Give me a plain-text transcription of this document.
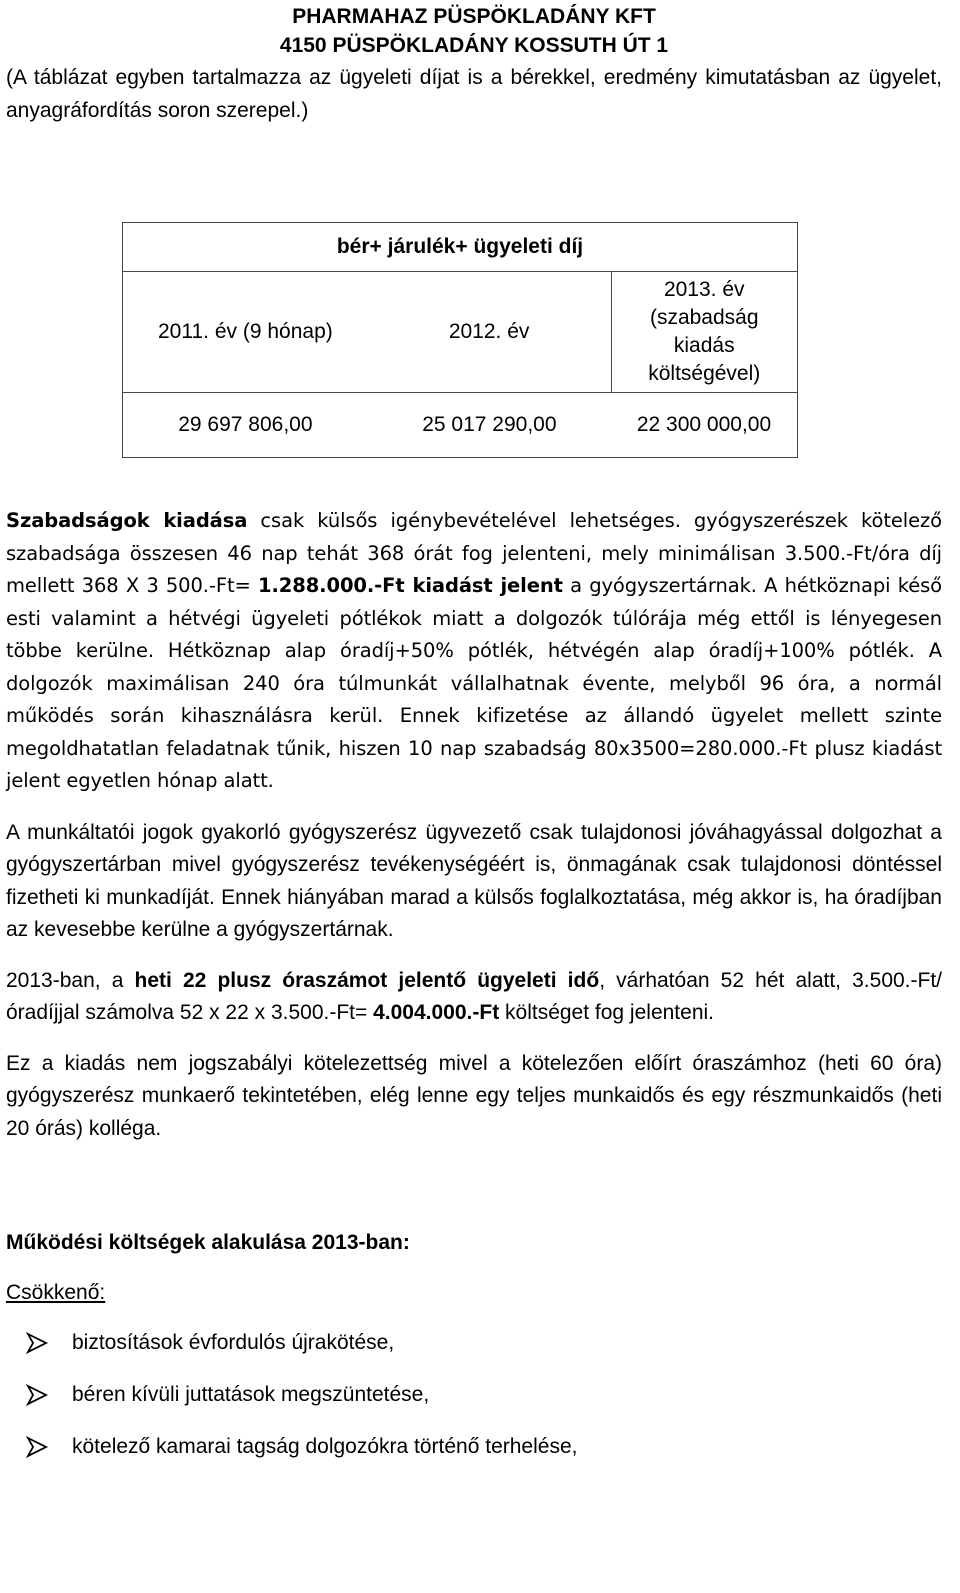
PHARMAHAZ PÜSPÖKLADÁNY KFT
4150 PÜSPÖKLADÁNY KOSSUTH ÚT 1

(A táblázat egyben tartalmazza az ügyeleti díjat is a bérekkel, eredmény kimutatásban az ügyelet, anyagráfordítás soron szerepel.)

Szabadságok kiadása csak külsős igénybevételével lehetséges. gyógyszerészek kötelező szabadsága összesen 46 nap tehát 368 órát fog jelenteni, mely minimálisan 3.500.-Ft/óra díj mellett 368 X 3 500.-Ft= 1.288.000.-Ft kiadást jelent a gyógyszertárnak. A hétköznapi késő esti valamint a hétvégi ügyeleti pótlékok miatt a dolgozók túlórája még ettől is lényegesen többe kerülne. Hétköznap alap óradíj+50% pótlék, hétvégén alap óradíj+100% pótlék. A dolgozók maximálisan 240 óra túlmunkát vállalhatnak évente, melyből 96 óra, a normál működés során kihasználásra kerül. Ennek kifizetése az állandó ügyelet mellett szinte megoldhatatlan feladatnak tűnik, hiszen 10 nap szabadság 80x3500=280.000.-Ft plusz kiadást jelent egyetlen hónap alatt.

A munkáltatói jogok gyakorló gyógyszerész ügyvezető csak tulajdonosi jóváhagyással dolgozhat a gyógyszertárban mivel gyógyszerész tevékenységéért is, önmagának csak tulajdonosi döntéssel fizetheti ki munkadíját. Ennek hiányában marad a külsős foglalkoztatása, még akkor is, ha óradíjban az kevesebbe kerülne a gyógyszertárnak.

2013-ban, a heti 22 plusz óraszámot jelentő ügyeleti idő, várhatóan 52 hét alatt, 3.500.-Ft/ óradíjjal számolva 52 x 22 x 3.500.-Ft= 4.004.000.-Ft költséget fog jelenteni.

Ez a kiadás nem jogszabályi kötelezettség mivel a kötelezően előírt óraszámhoz (heti 60 óra) gyógyszerész munkaerő tekintetében, elég lenne egy teljes munkaidős és egy részmunkaidős (heti 20 órás) kolléga.

Működési költségek alakulása 2013-ban:
Csökkenő:
biztosítások évfordulós újrakötése,
béren kívüli juttatások megszüntetése,
kötelező kamarai tagság dolgozókra történő terhelése,
bér+ járulék+ ügyeleti díj		
2011. év (9 hónap)	2012. év	2013. év
(szabadság
kiadás
költségével)

29 697 806,00	25 017 290,00	22 300 000,00
